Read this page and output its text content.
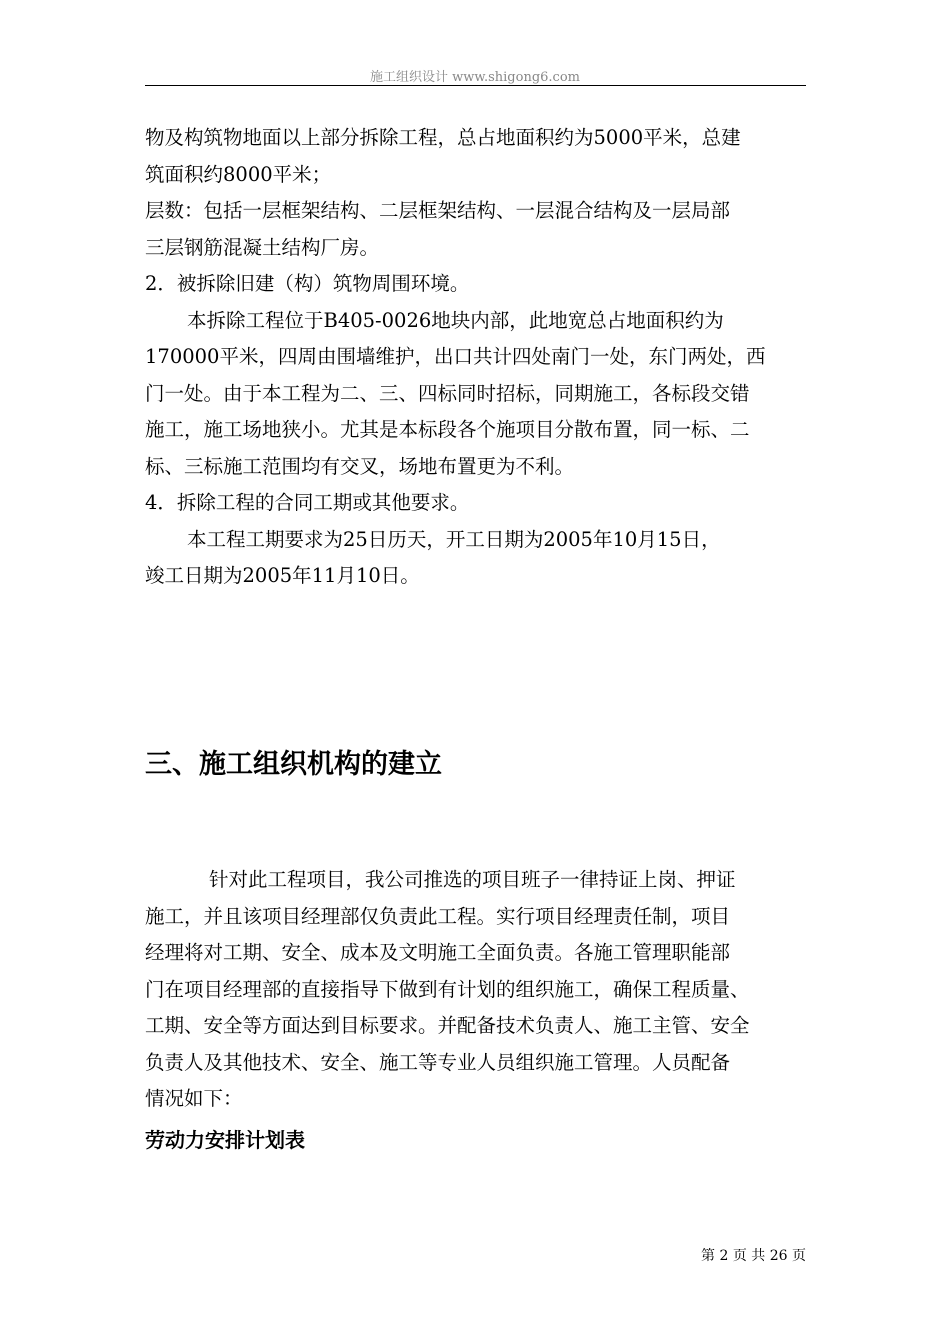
施工组织设计 www.shigong6.com
物及构筑物地面以上部分拆除工程，总占地面积约为5000平米，总建
筑面积约8000平米；
层数：包括一层框架结构、二层框架结构、一层混合结构及一层局部
三层钢筋混凝土结构厂房。
2．被拆除旧建（构）筑物周围环境。
本拆除工程位于B405-0026地块内部，此地宽总占地面积约为
170000平米，四周由围墙维护，出口共计四处南门一处，东门两处，西
门一处。由于本工程为二、三、四标同时招标，同期施工，各标段交错
施工，施工场地狭小。尤其是本标段各个施项目分散布置，同一标、二
标、三标施工范围均有交叉，场地布置更为不利。
4．拆除工程的合同工期或其他要求。
本工程工期要求为25日历天，开工日期为2005年10月15日，
竣工日期为2005年11月10日。
三、施工组织机构的建立
针对此工程项目，我公司推选的项目班子一律持证上岗、押证
施工，并且该项目经理部仅负责此工程。实行项目经理责任制，项目
经理将对工期、安全、成本及文明施工全面负责。各施工管理职能部
门在项目经理部的直接指导下做到有计划的组织施工，确保工程质量、
工期、安全等方面达到目标要求。并配备技术负责人、施工主管、安全
负责人及其他技术、安全、施工等专业人员组织施工管理。人员配备
情况如下：
劳动力安排计划表
第 2 页 共 26 页
